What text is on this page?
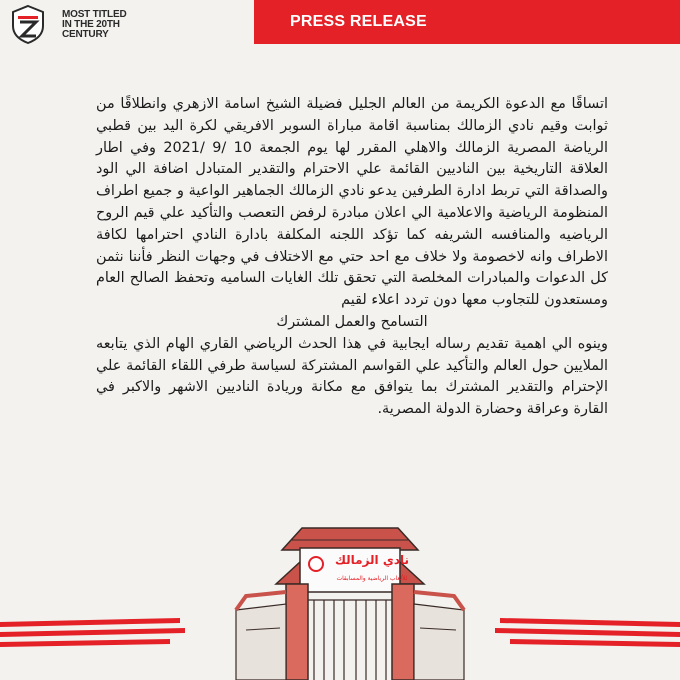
MOST TITLED
IN THE 20TH
CENTURY
PRESS RELEASE

اتساقًا مع الدعوة الكريمة من العالم الجليل فضيلة الشيخ اسامة الازهري وانطلاقًا من ثوابت وقيم نادي الزمالك بمناسبة اقامة مباراة السوبر الافريقي لكرة اليد بين قطبي الرياضة المصرية الزمالك والاهلي المقرر لها يوم الجمعة 10 /9 /2021 وفي اطار العلاقة التاريخية بين الناديين القائمة علي الاحترام والتقدير المتبادل اضافة الي الود والصداقة التي تربط ادارة الطرفين يدعو نادي الزمالك الجماهير الواعية و جميع اطراف المنظومة الرياضية والاعلامية الي اعلان مبادرة لرفض التعصب والتأكيد علي قيم الروح الرياضيه والمنافسه الشريفه كما تؤكد اللجنه المكلفة بادارة النادي احترامها لكافة الاطراف وانه لاخصومة ولا خلاف مع احد حتي مع الاختلاف في وجهات النظر فأننا نثمن كل الدعوات والمبادرات المخلصة التي تحقق تلك الغايات الساميه وتحفظ الصالح العام ومستعدون للتجاوب معها دون تردد اعلاء لقيم

التسامح والعمل المشترك

وينوه الي اهمية تقديم رساله ايجابية في هذا الحدث الرياضي القاري الهام الذي يتابعه الملايين حول العالم والتأكيد علي القواسم المشتركة لسياسة طرفي اللقاء القائمة علي الإحترام والتقدير المشترك بما يتوافق مع مكانة وريادة الناديين الاشهر والاكبر في القارة وعراقة وحضارة الدولة المصرية.

نادي الزمالك
للألعاب الرياضية والمسابقات
